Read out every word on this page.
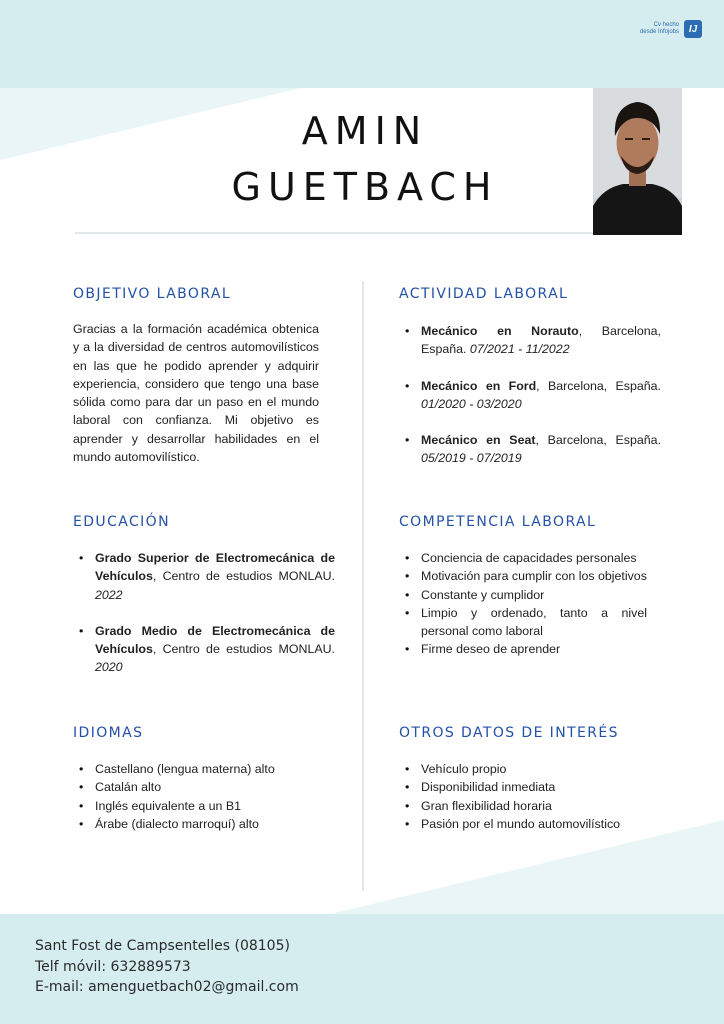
Cv hecho
desde Infojobs IJ
AMIN
GUETBACH
OBJETIVO LABORAL
Gracias a la formación académica obtenica y a la diversidad de centros automovilísticos en las que he podido aprender y adquirir experiencia, considero que tengo una base sólida como para dar un paso en el mundo laboral con confianza. Mi objetivo es aprender y desarrollar habilidades en el mundo automovilístico.
EDUCACIÓN
• Grado Superior de Electromecánica de Vehículos, Centro de estudios MONLAU. 2022
• Grado Medio de Electromecánica de Vehículos, Centro de estudios MONLAU. 2020
IDIOMAS
• Castellano (lengua materna) alto
• Catalán alto
• Inglés equivalente a un B1
• Árabe (dialecto marroquí) alto
ACTIVIDAD LABORAL
• Mecánico en Norauto, Barcelona, España. 07/2021 - 11/2022
• Mecánico en Ford, Barcelona, España. 01/2020 - 03/2020
• Mecánico en Seat, Barcelona, España. 05/2019 - 07/2019
COMPETENCIA LABORAL
• Conciencia de capacidades personales
• Motivación para cumplir con los objetivos
• Constante y cumplidor
• Limpio y ordenado, tanto a nivel personal como laboral
• Firme deseo de aprender
OTROS DATOS DE INTERÉS
• Vehículo propio
• Disponibilidad inmediata
• Gran flexibilidad horaria
• Pasión por el mundo automovilístico
Sant Fost de Campsentelles (08105)
Telf móvil: 632889573
E-mail: amenguetbach02@gmail.com
